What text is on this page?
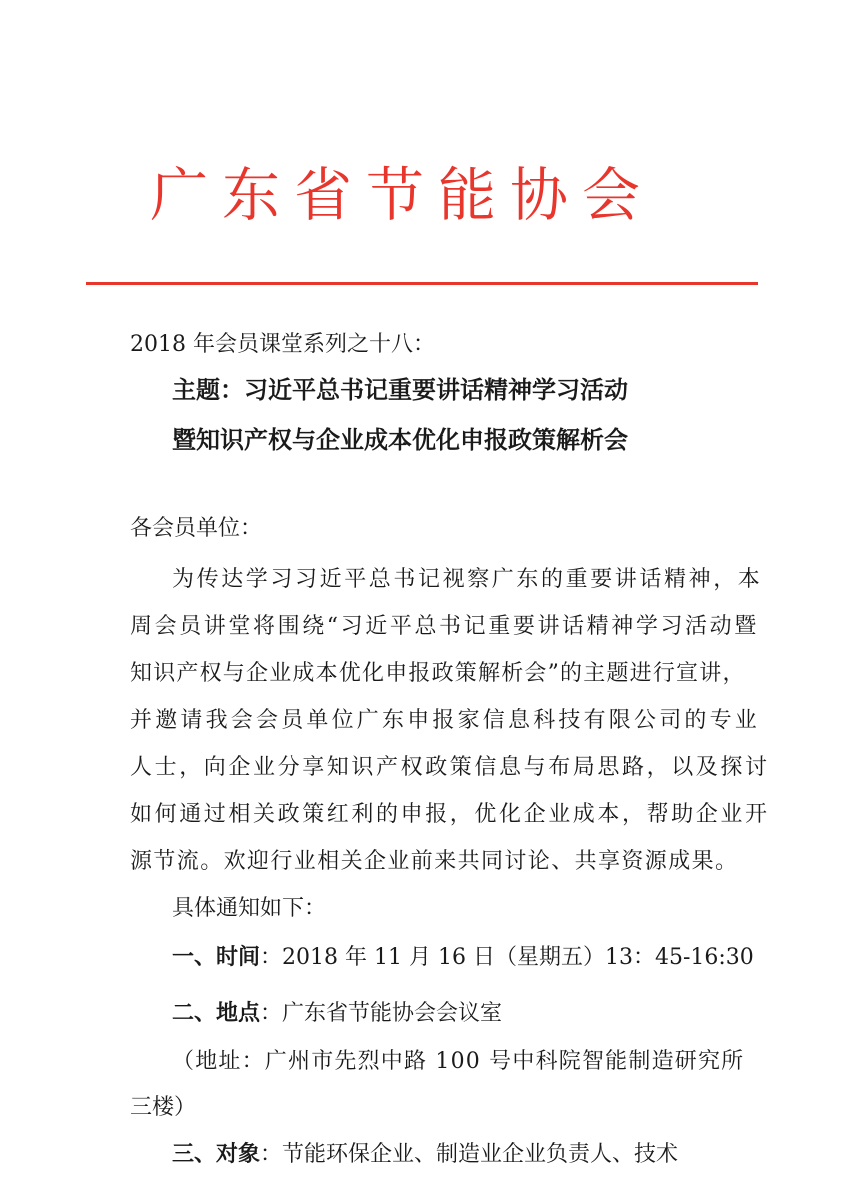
广东省节能协会
2018 年会员课堂系列之十八：
主题：习近平总书记重要讲话精神学习活动
暨知识产权与企业成本优化申报政策解析会
各会员单位：
为传达学习习近平总书记视察广东的重要讲话精神，本
周会员讲堂将围绕“习近平总书记重要讲话精神学习活动暨
知识产权与企业成本优化申报政策解析会”的主题进行宣讲，
并邀请我会会员单位广东申报家信息科技有限公司的专业
人士，向企业分享知识产权政策信息与布局思路，以及探讨
如何通过相关政策红利的申报，优化企业成本，帮助企业开
源节流。欢迎行业相关企业前来共同讨论、共享资源成果。
具体通知如下：
一、时间：2018 年 11 月 16 日（星期五）13：45-16:30
二、地点：广东省节能协会会议室
（地址：广州市先烈中路 100 号中科院智能制造研究所
三楼）
三、对象：节能环保企业、制造业企业负责人、技术
